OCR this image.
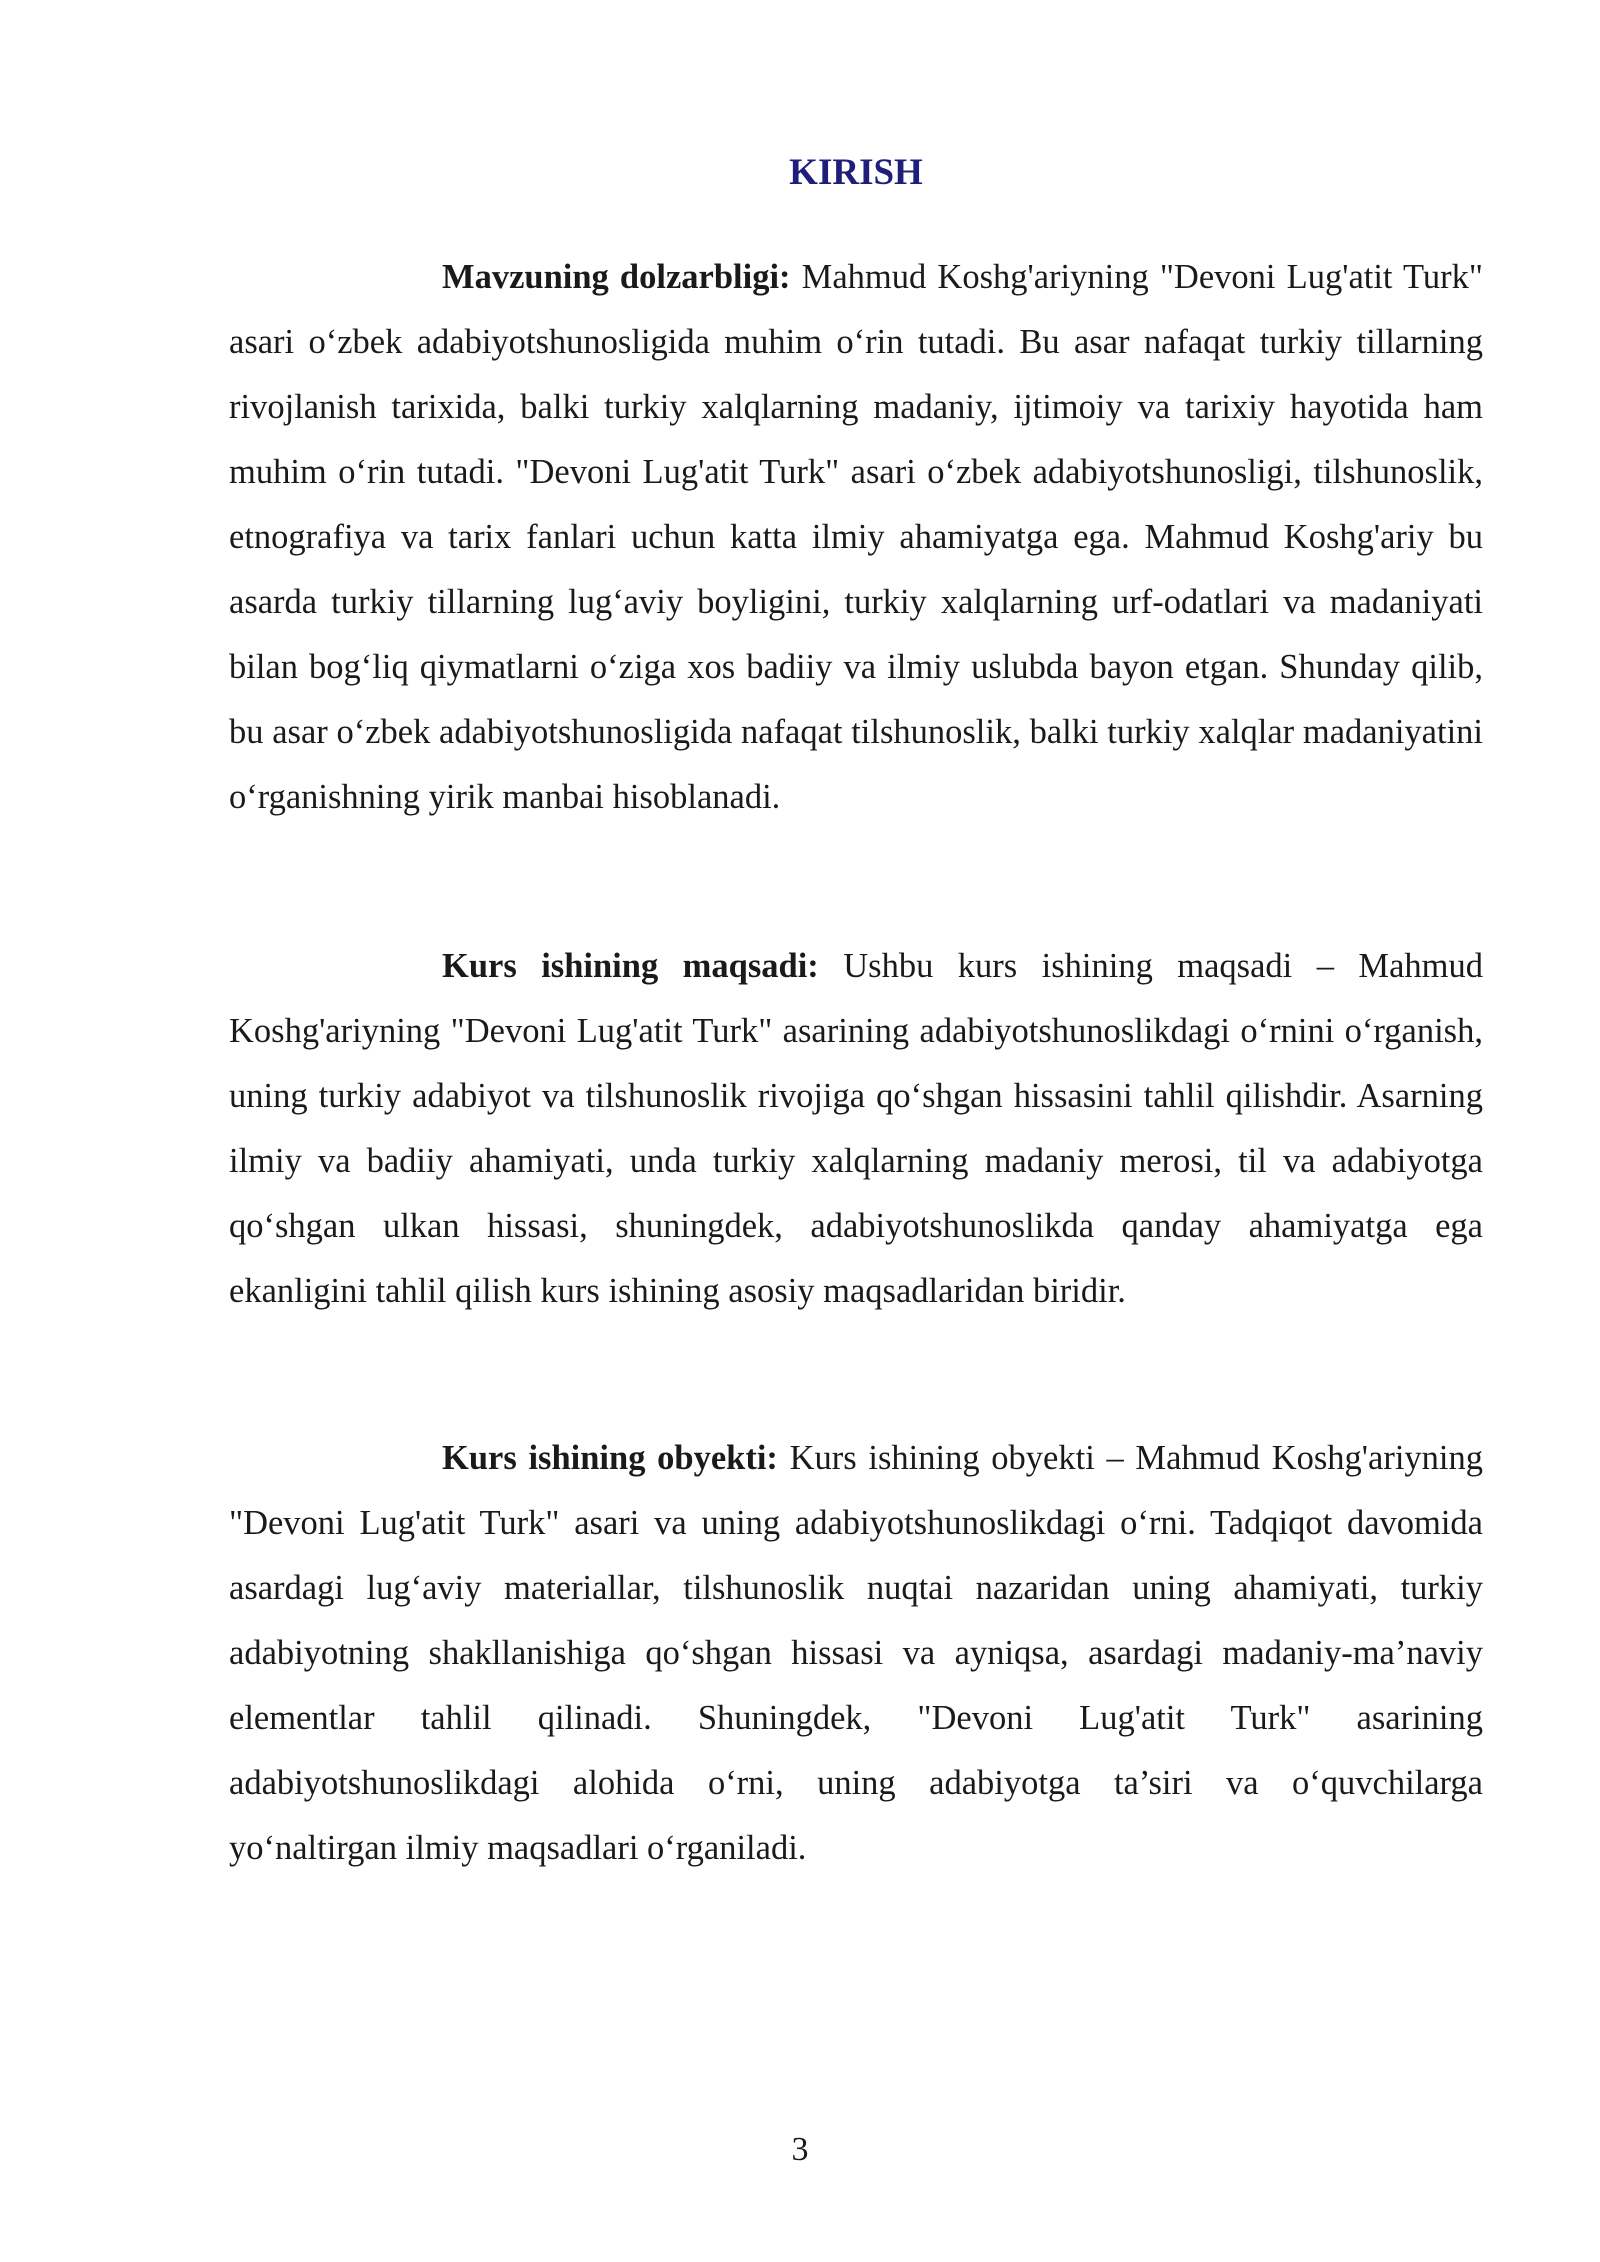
KIRISH

Mavzuning dolzarbligi: Mahmud Koshg'ariyning "Devoni Lug'atit Turk" asari o‘zbek adabiyotshunosligida muhim o‘rin tutadi. Bu asar nafaqat turkiy tillarning rivojlanish tarixida, balki turkiy xalqlarning madaniy, ijtimoiy va tarixiy hayotida ham muhim o‘rin tutadi. "Devoni Lug'atit Turk" asari o‘zbek adabiyotshunosligi, tilshunoslik, etnografiya va tarix fanlari uchun katta ilmiy ahamiyatga ega. Mahmud Koshg'ariy bu asarda turkiy tillarning lug‘aviy boyligini, turkiy xalqlarning urf-odatlari va madaniyati bilan bog‘liq qiymatlarni o‘ziga xos badiiy va ilmiy uslubda bayon etgan. Shunday qilib, bu asar o‘zbek adabiyotshunosligida nafaqat tilshunoslik, balki turkiy xalqlar madaniyatini o‘rganishning yirik manbai hisoblanadi.

Kurs ishining maqsadi: Ushbu kurs ishining maqsadi – Mahmud Koshg'ariyning "Devoni Lug'atit Turk" asarining adabiyotshunoslikdagi o‘rnini o‘rganish, uning turkiy adabiyot va tilshunoslik rivojiga qo‘shgan hissasini tahlil qilishdir. Asarning ilmiy va badiiy ahamiyati, unda turkiy xalqlarning madaniy merosi, til va adabiyotga qo‘shgan ulkan hissasi, shuningdek, adabiyotshunoslikda qanday ahamiyatga ega ekanligini tahlil qilish kurs ishining asosiy maqsadlaridan biridir.

Kurs ishining obyekti: Kurs ishining obyekti – Mahmud Koshg'ariyning "Devoni Lug'atit Turk" asari va uning adabiyotshunoslikdagi o‘rni. Tadqiqot davomida asardagi lug‘aviy materiallar, tilshunoslik nuqtai nazaridan uning ahamiyati, turkiy adabiyotning shakllanishiga qo‘shgan hissasi va ayniqsa, asardagi madaniy-ma’naviy elementlar tahlil qilinadi. Shuningdek, "Devoni Lug'atit Turk" asarining adabiyotshunoslikdagi alohida o‘rni, uning adabiyotga ta’siri va o‘quvchilarga yo‘naltirgan ilmiy maqsadlari o‘rganiladi.

3
